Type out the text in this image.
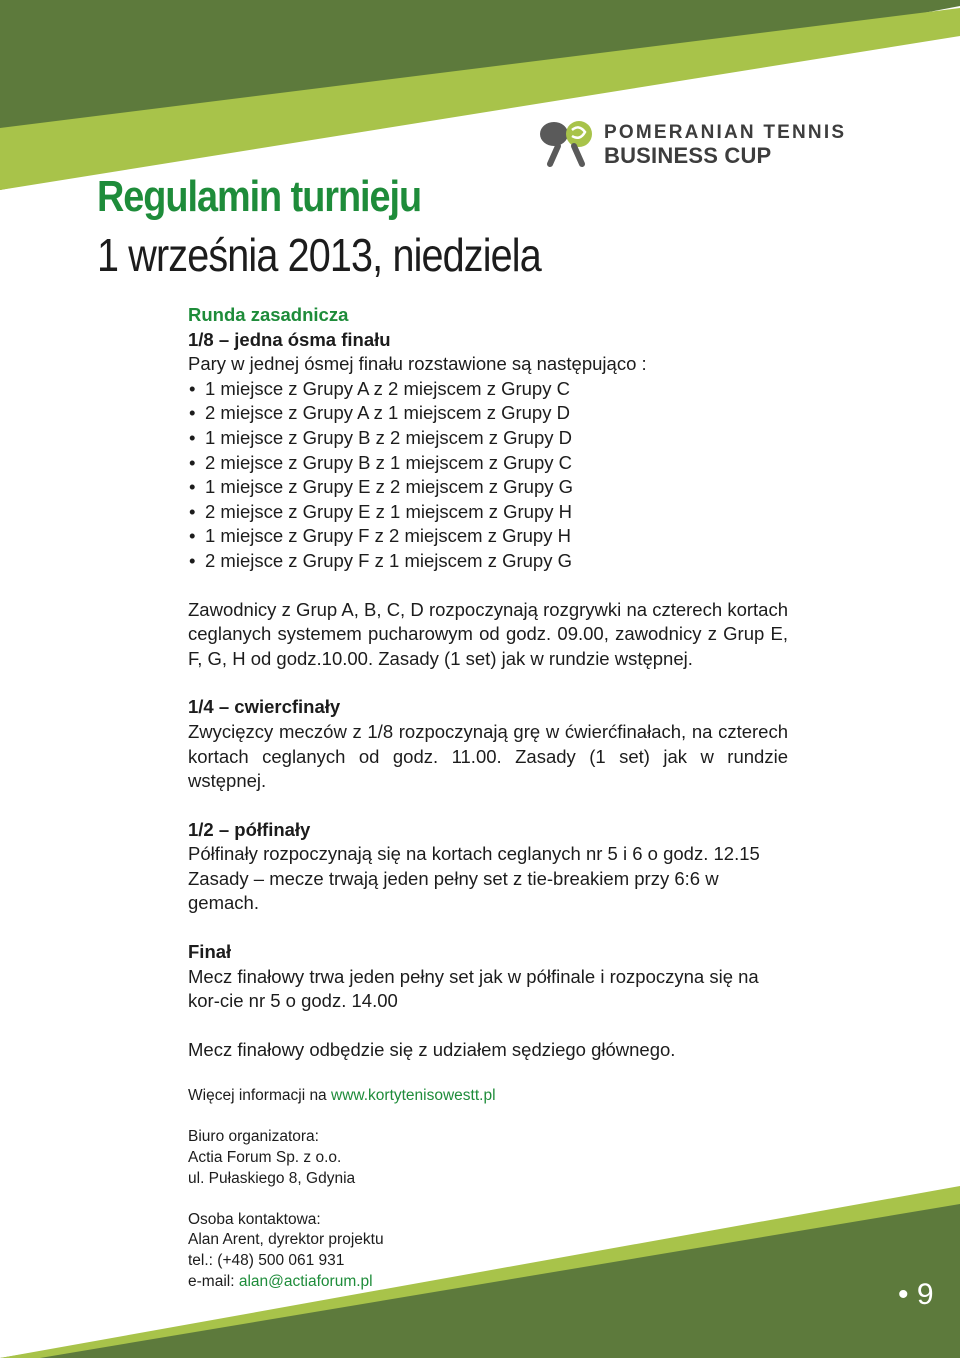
POMERANIAN TENNIS
BUSINESS CUP
Regulamin turnieju
1 września 2013, niedziela

Runda zasadnicza

1/8 – jedna ósma finału

Pary w jednej ósmej finału rozstawione są następująco :

• 1 miejsce z Grupy A z 2 miejscem z Grupy C
• 2 miejsce z Grupy A z 1 miejscem z Grupy D
• 1 miejsce z Grupy B z 2 miejscem z Grupy D
• 2 miejsce z Grupy B z 1 miejscem z Grupy C
• 1 miejsce z Grupy E z 2 miejscem z Grupy G
• 2 miejsce z Grupy E z 1 miejscem z Grupy H
• 1 miejsce z Grupy F z 2 miejscem z Grupy H
• 2 miejsce z Grupy F z 1 miejscem z Grupy G

Zawodnicy z Grup A, B, C, D rozpoczynają rozgrywki na czterech kortach ceglanych systemem pucharowym od godz. 09.00, zawodnicy z Grup E, F, G, H od godz.10.00. Zasady (1 set) jak w rundzie wstępnej.

1/4 – cwiercfinały

Zwycięzcy meczów z 1/8 rozpoczynają grę w ćwierćfinałach, na czterech kortach ceglanych od godz. 11.00. Zasady (1 set) jak w rundzie wstępnej.

1/2 – półfinały

Półfinały rozpoczynają się na kortach ceglanych nr 5 i 6 o godz. 12.15

Zasady – mecze trwają jeden pełny set z tie-breakiem przy 6:6 w gemach.

Finał

Mecz finałowy trwa jeden pełny set jak w półfinale i rozpoczyna się na kor-cie nr 5 o godz. 14.00

Mecz finałowy odbędzie się z udziałem sędziego głównego.

Więcej informacji na www.kortytenisowestt.pl

Biuro organizatora:

Actia Forum Sp. z o.o.

ul. Pułaskiego 8, Gdynia

Osoba kontaktowa:

Alan Arent, dyrektor projektu

tel.: (+48) 500 061 931

e-mail: alan@actiaforum.pl	• 9
